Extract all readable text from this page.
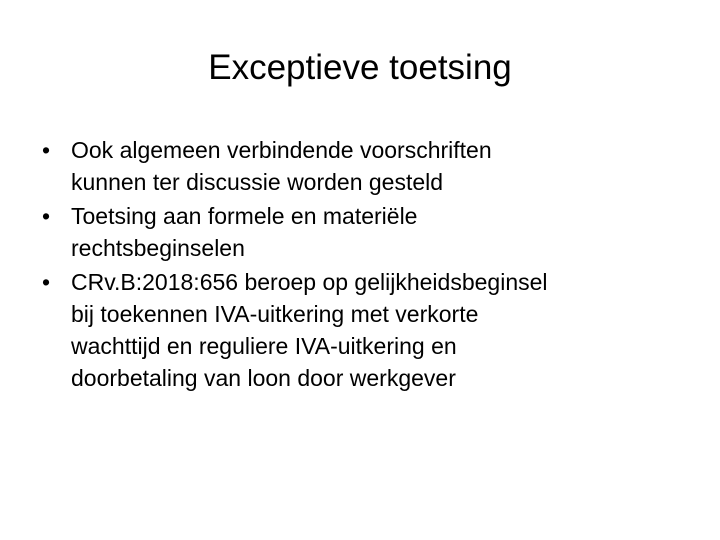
Exceptieve toetsing
• Ook algemeen verbindende voorschriften
kunnen ter discussie worden gesteld
• Toetsing aan formele en materiële
rechtsbeginselen
• CRv.B:2018:656 beroep op gelijkheidsbeginsel
bij toekennen IVA-uitkering met verkorte
wachttijd en reguliere IVA-uitkering en
doorbetaling van loon door werkgever
